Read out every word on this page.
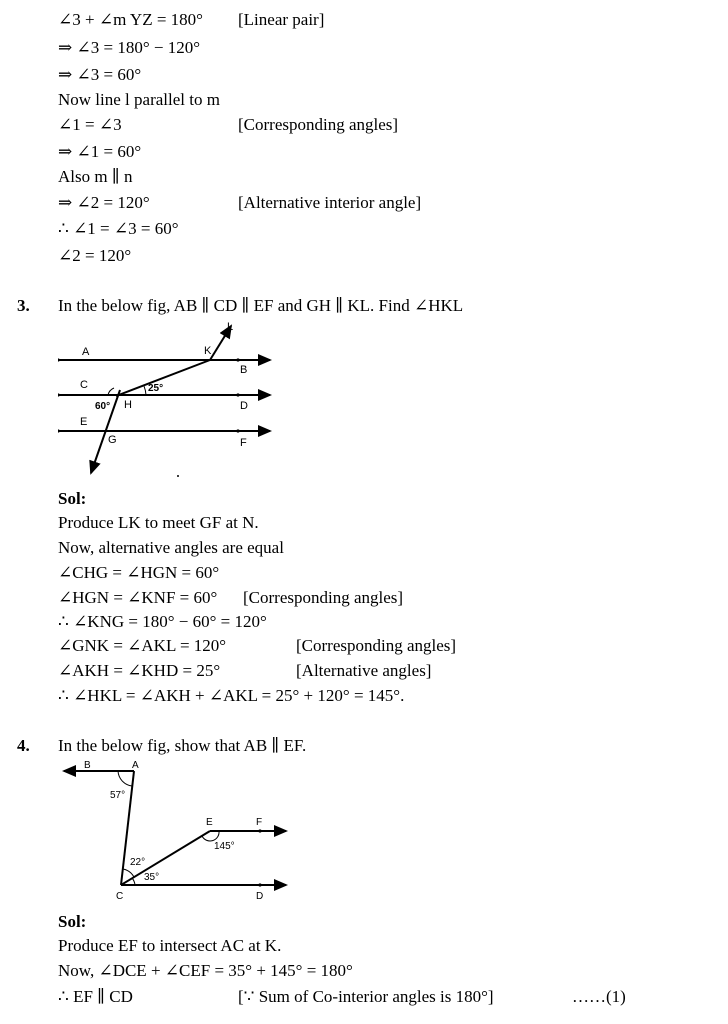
∠3 + ∠m YZ = 180° [Linear pair]
⇒ ∠3 = 180° − 120°
⇒ ∠3 = 60°
Now line l parallel to m
∠1 = ∠3	[Corresponding angles]
⇒ ∠1 = 60°
Also m ∥ n
⇒ ∠2 = 120°	[Alternative interior angle]
∴ ∠1 = ∠3 = 60°
∠2 = 120°
3. In the below fig, AB ∥ CD ∥ EF and GH ∥ KL. Find ∠HKL
A	K
L
B
C	25°
H
60°	D
E
G	F
Sol:
Produce LK to meet GF at N.
Now, alternative angles are equal
∠CHG = ∠HGN = 60°
∠HGN = ∠KNF = 60° [Corresponding angles]
∴ ∠KNG = 180° − 60° = 120°
∠GNK = ∠AKL = 120°	[Corresponding angles]
∠AKH = ∠KHD = 25°	[Alternative angles]
∴ ∠HKL = ∠AKH + ∠AKL = 25° + 120° = 145°.
4. In the below fig, show that AB ∥ EF.
B	A
57°
E	F
145°
22°
35°
C	D
Sol:
Produce EF to intersect AC at K.
Now, ∠DCE + ∠CEF = 35° + 145° = 180°
∴ EF ∥ CD	[∵ Sum of Co-interior angles is 180°]	……(1)
